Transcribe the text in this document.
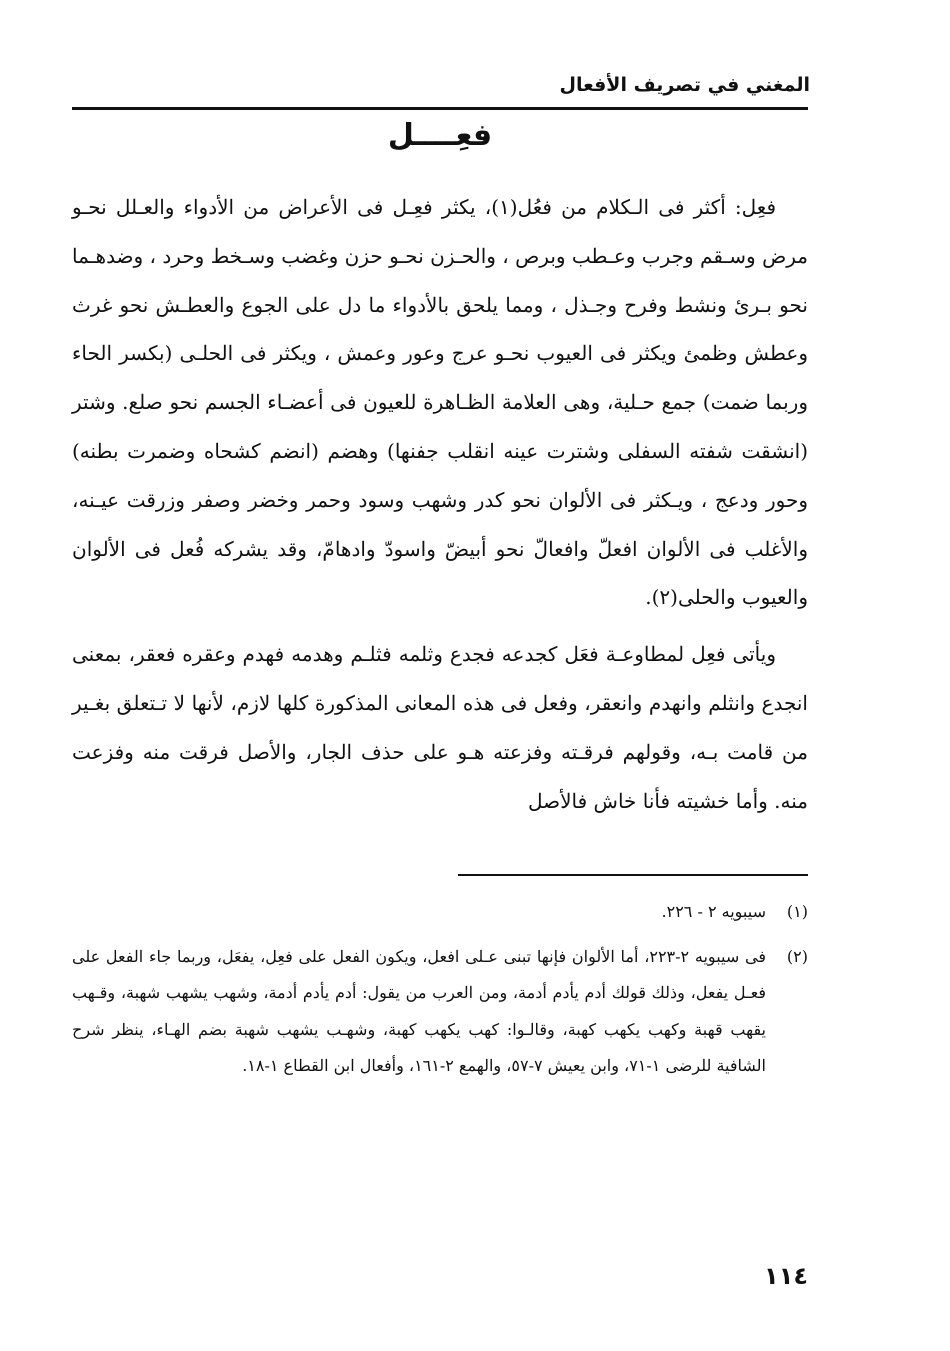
المغني في تصريف الأفعال
فعِــــل

فعِل: أكثر فى الـكلام من فعُل(١)، يكثر فعِـل فى الأعراض من الأدواء والعـلل نحـو مرض وسـقم وجرب وعـطب وبرص ، والحـزن نحـو حزن وغضب وسـخط وحرد ، وضدهـما نحو بـرئ ونشط وفرح وجـذل ، ومما يلحق بالأدواء ما دل على الجوع والعطـش نحو غرث وعطش وظمئ ويكثر فى العيوب نحـو عرج وعور وعمش ، ويكثر فى الحلـى (بكسر الحاء وربما ضمت) جمع حـلية، وهى العلامة الظـاهرة للعيون فى أعضـاء الجسم نحو صلع. وشتر (انشقت شفته السفلى وشترت عينه انقلب جفنها) وهضم (انضم كشحاه وضمرت بطنه) وحور ودعج ، ويـكثر فى الألوان نحو كدر وشهب وسود وحمر وخضر وصفر وزرقت عيـنه، والأغلب فى الألوان افعلّ وافعالّ نحو أبيضّ واسودّ وادهامّ، وقد يشركه فُعل فى الألوان والعيوب والحلى(٢).

ويأتى فعِل لمطاوعـة فعَل كجدعه فجدع وثلمه فثلـم وهدمه فهدم وعقره فعقر، بمعنى انجدع وانثلم وانهدم وانعقر، وفعل فى هذه المعانى المذكورة كلها لازم، لأنها لا تـتعلق بغـير من قامت بـه، وقولهم فرقـته وفزعته هـو على حذف الجار، والأصل فرقت منه وفزعت منه. وأما خشيته فأنا خاش فالأصل

(١)
سيبويه ٢ - ٢٢٦.
(٢)
فى سيبويه ٢-٢٢٣، أما الألوان فإنها تبنى عـلى افعل، ويكون الفعل على فعِل، يفعَل، وربما جاء الفعل على فعـل يفعل، وذلك قولك أدم يأدم أدمة، ومن العرب من يقول: أدم يأدم أدمة، وشهب يشهب شهبة، وقـهب يقهب قهبة وكهب يكهب كهبة، وقالـوا: كهب يكهب كهبة، وشهـب يشهب شهبة بضم الهـاء، ينظر شرح الشافية للرضى ١-٧١، وابن يعيش ٧-٥٧، والهمع ٢-١٦١، وأفعال ابن القطاع ١-١٨.
١١٤
